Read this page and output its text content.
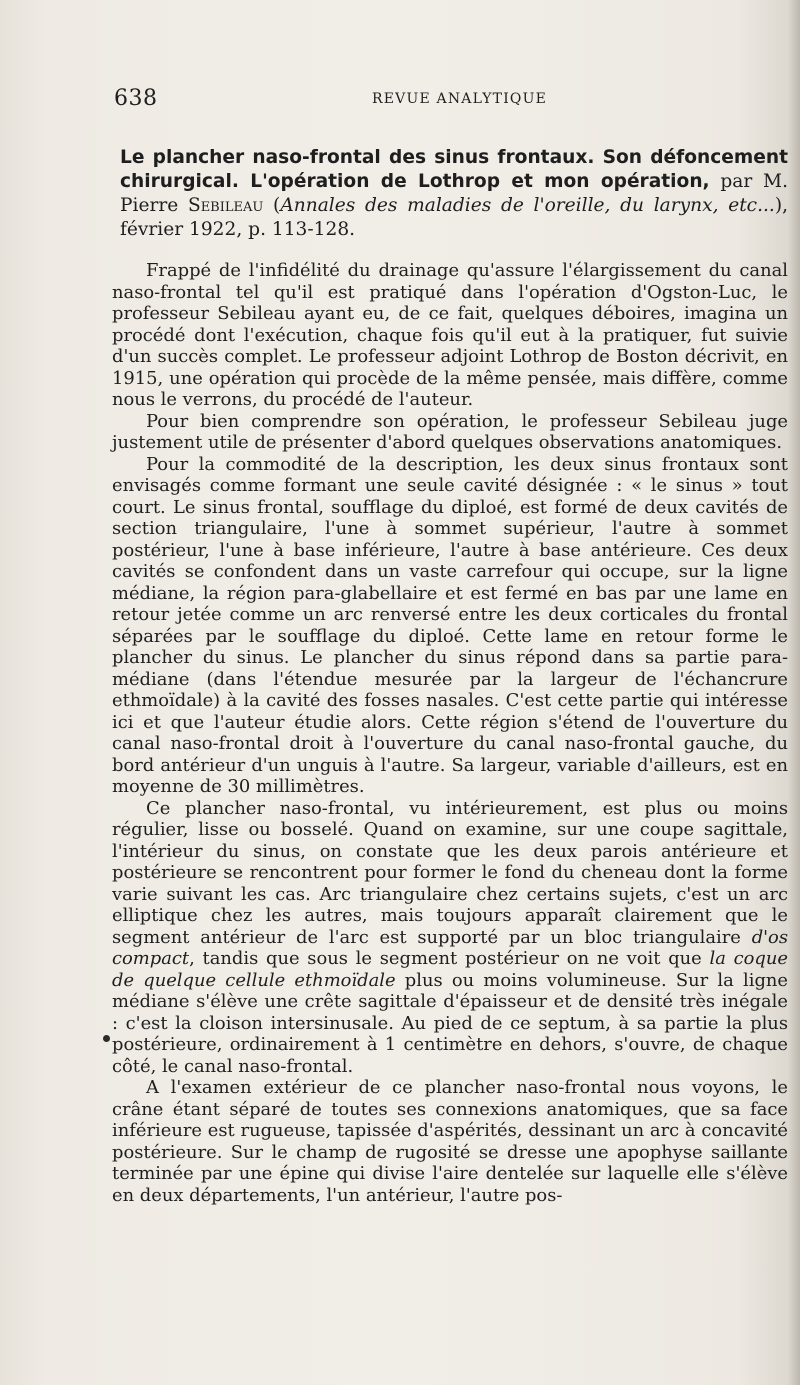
638	REVUE ANALYTIQUE

Le plancher naso-frontal des sinus frontaux. Son défoncement chirurgical. L'opération de Lothrop et mon opération, par M. Pierre Sebileau (Annales des maladies de l'oreille, du larynx, etc...), février 1922, p. 113-128.

Frappé de l'infidélité du drainage qu'assure l'élargissement du canal naso-frontal tel qu'il est pratiqué dans l'opération d'Ogston-Luc, le professeur Sebileau ayant eu, de ce fait, quelques déboires, imagina un procédé dont l'exécution, chaque fois qu'il eut à la pratiquer, fut suivie d'un succès complet. Le professeur adjoint Lothrop de Boston décrivit, en 1915, une opération qui procède de la même pensée, mais diffère, comme nous le verrons, du procédé de l'auteur.

Pour bien comprendre son opération, le professeur Sebileau juge justement utile de présenter d'abord quelques observations anatomiques.

Pour la commodité de la description, les deux sinus frontaux sont envisagés comme formant une seule cavité désignée : « le sinus » tout court. Le sinus frontal, soufflage du diploé, est formé de deux cavités de section triangulaire, l'une à sommet supérieur, l'autre à sommet postérieur, l'une à base inférieure, l'autre à base antérieure. Ces deux cavités se confondent dans un vaste carrefour qui occupe, sur la ligne médiane, la région para-glabellaire et est fermé en bas par une lame en retour jetée comme un arc renversé entre les deux corticales du frontal séparées par le soufflage du diploé. Cette lame en retour forme le plancher du sinus. Le plancher du sinus répond dans sa partie para-médiane (dans l'étendue mesurée par la largeur de l'échancrure ethmoïdale) à la cavité des fosses nasales. C'est cette partie qui intéresse ici et que l'auteur étudie alors. Cette région s'étend de l'ouverture du canal naso-frontal droit à l'ouverture du canal naso-frontal gauche, du bord antérieur d'un unguis à l'autre. Sa largeur, variable d'ailleurs, est en moyenne de 30 millimètres.

Ce plancher naso-frontal, vu intérieurement, est plus ou moins régulier, lisse ou bosselé. Quand on examine, sur une coupe sagittale, l'intérieur du sinus, on constate que les deux parois antérieure et postérieure se rencontrent pour former le fond du cheneau dont la forme varie suivant les cas. Arc triangulaire chez certains sujets, c'est un arc elliptique chez les autres, mais toujours apparaît clairement que le segment antérieur de l'arc est supporté par un bloc triangulaire d'os compact, tandis que sous le segment postérieur on ne voit que la coque de quelque cellule ethmoïdale plus ou moins volumineuse. Sur la ligne médiane s'élève une crête sagittale d'épaisseur et de densité très inégale : c'est la cloison intersinusale. Au pied de ce septum, à sa partie la plus postérieure, ordinairement à 1 centimètre en dehors, s'ouvre, de chaque côté, le canal naso-frontal.

A l'examen extérieur de ce plancher naso-frontal nous voyons, le crâne étant séparé de toutes ses connexions anatomiques, que sa face inférieure est rugueuse, tapissée d'aspérités, dessinant un arc à concavité postérieure. Sur le champ de rugosité se dresse une apophyse saillante terminée par une épine qui divise l'aire dentelée sur laquelle elle s'élève en deux départements, l'un antérieur, l'autre pos-
